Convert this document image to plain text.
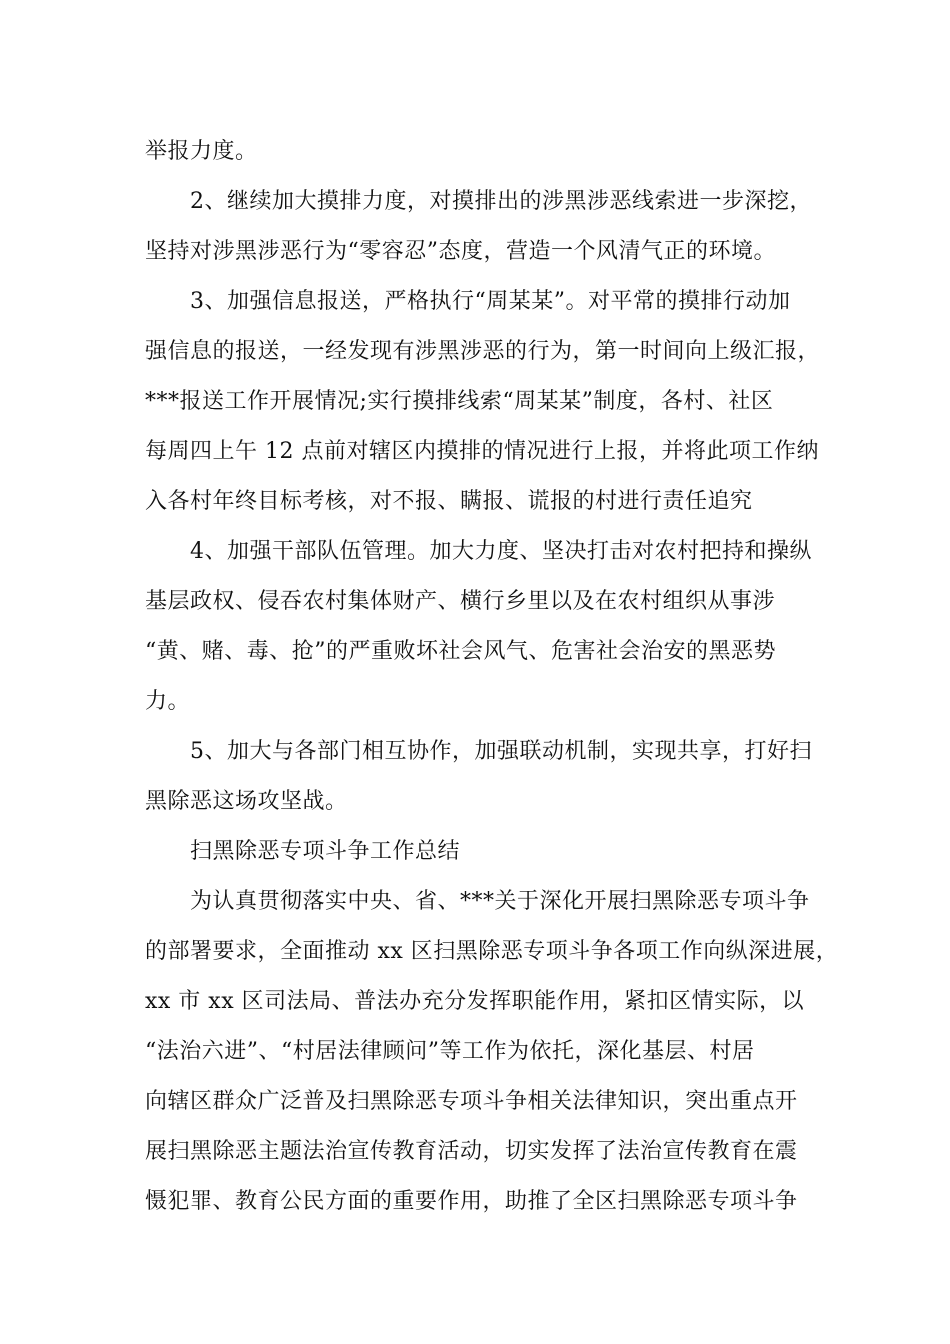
举报力度。
2、继续加大摸排力度，对摸排出的涉黑涉恶线索进一步深挖，
坚持对涉黑涉恶行为“零容忍”态度，营造一个风清气正的环境。
3、加强信息报送，严格执行“周某某”。对平常的摸排行动加
强信息的报送，一经发现有涉黑涉恶的行为，第一时间向上级汇报，
***报送工作开展情况;实行摸排线索“周某某”制度，各村、社区
每周四上午 12 点前对辖区内摸排的情况进行上报，并将此项工作纳
入各村年终目标考核，对不报、瞒报、谎报的村进行责任追究
4、加强干部队伍管理。加大力度、坚决打击对农村把持和操纵
基层政权、侵吞农村集体财产、横行乡里以及在农村组织从事涉
“黄、赌、毒、抢”的严重败坏社会风气、危害社会治安的黑恶势
力。
5、加大与各部门相互协作，加强联动机制，实现共享，打好扫
黑除恶这场攻坚战。
扫黑除恶专项斗争工作总结
为认真贯彻落实中央、省、***关于深化开展扫黑除恶专项斗争
的部署要求，全面推动 xx 区扫黑除恶专项斗争各项工作向纵深进展，
xx 市 xx 区司法局、普法办充分发挥职能作用，紧扣区情实际，以
“法治六进”、“村居法律顾问”等工作为依托，深化基层、村居
向辖区群众广泛普及扫黑除恶专项斗争相关法律知识，突出重点开
展扫黑除恶主题法治宣传教育活动，切实发挥了法治宣传教育在震
慑犯罪、教育公民方面的重要作用，助推了全区扫黑除恶专项斗争
